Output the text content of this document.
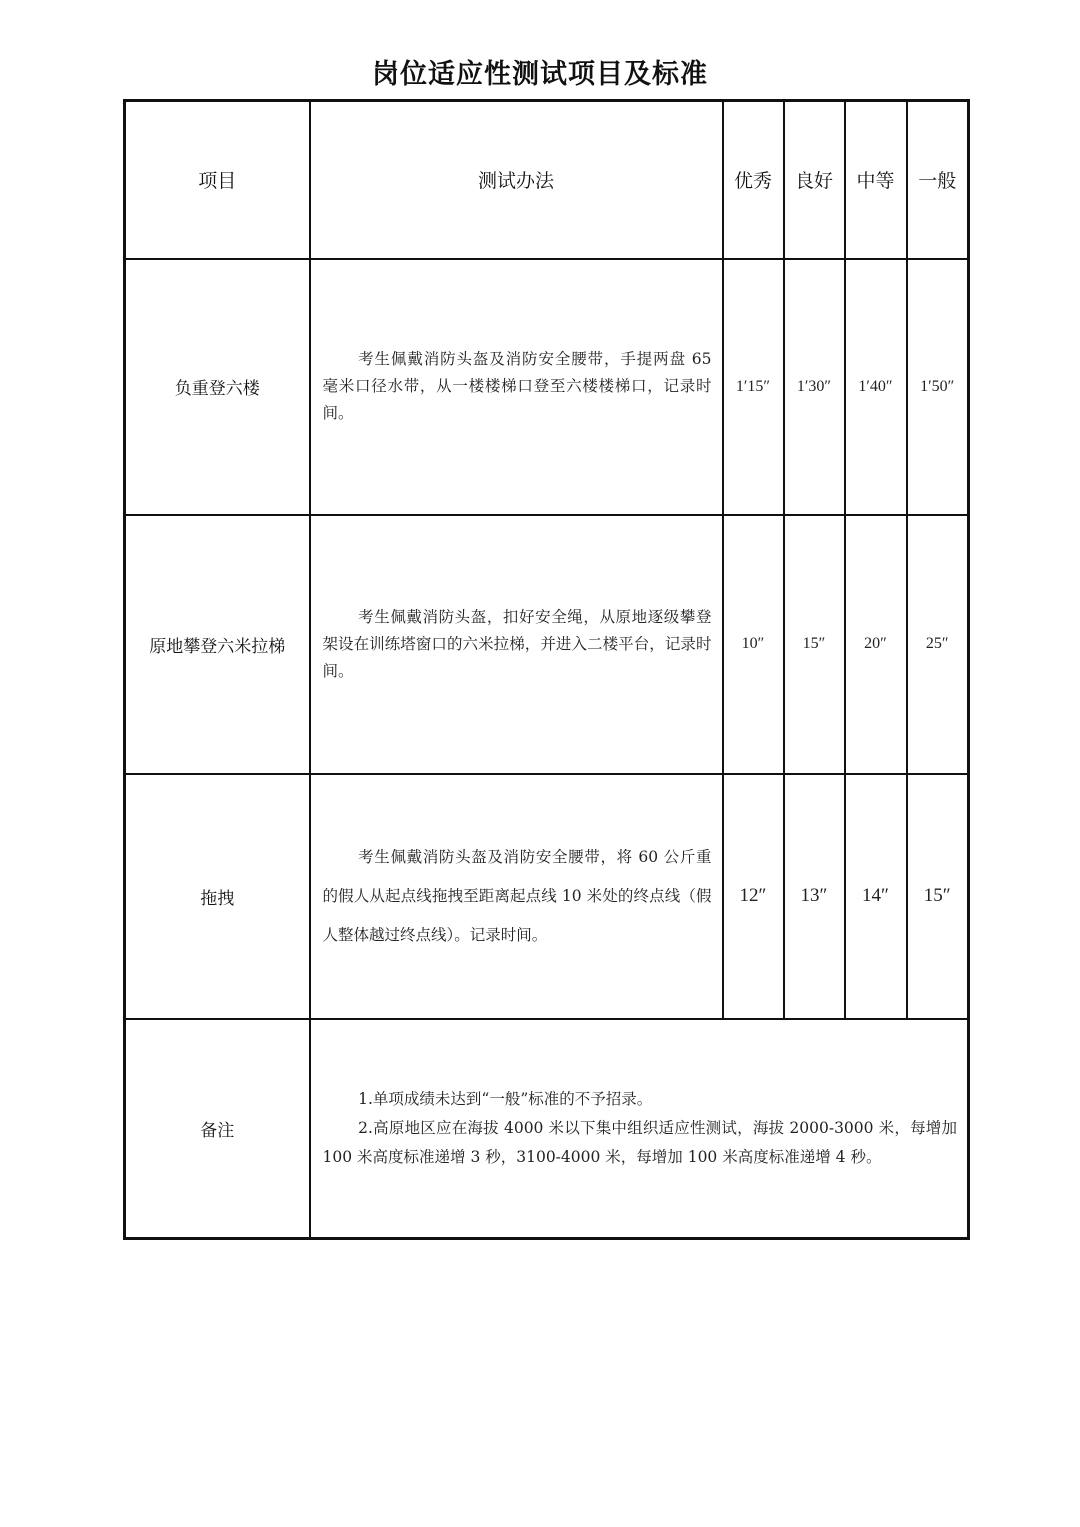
岗位适应性测试项目及标准
项目	测试办法	优秀	良好	中等	一般
负重登六楼	考生佩戴消防头盔及消防安全腰带，手提两盘 65 毫米口径水带，从一楼楼梯口登至六楼楼梯口，记录时间。	1′15″	1′30″	1′40″	1′50″
原地攀登六米拉梯	考生佩戴消防头盔，扣好安全绳，从原地逐级攀登架设在训练塔窗口的六米拉梯，并进入二楼平台，记录时间。	10″	15″	20″	25″
拖拽	考生佩戴消防头盔及消防安全腰带，将 60 公斤重的假人从起点线拖拽至距离起点线 10 米处的终点线（假人整体越过终点线）。记录时间。	12″	13″	14″	15″
备注	1.单项成绩未达到“一般”标准的不予招录。

2.高原地区应在海拔 4000 米以下集中组织适应性测试，海拔 2000-3000 米，每增加 100 米高度标准递增 3 秒，3100-4000 米，每增加 100 米高度标准递增 4 秒。				
